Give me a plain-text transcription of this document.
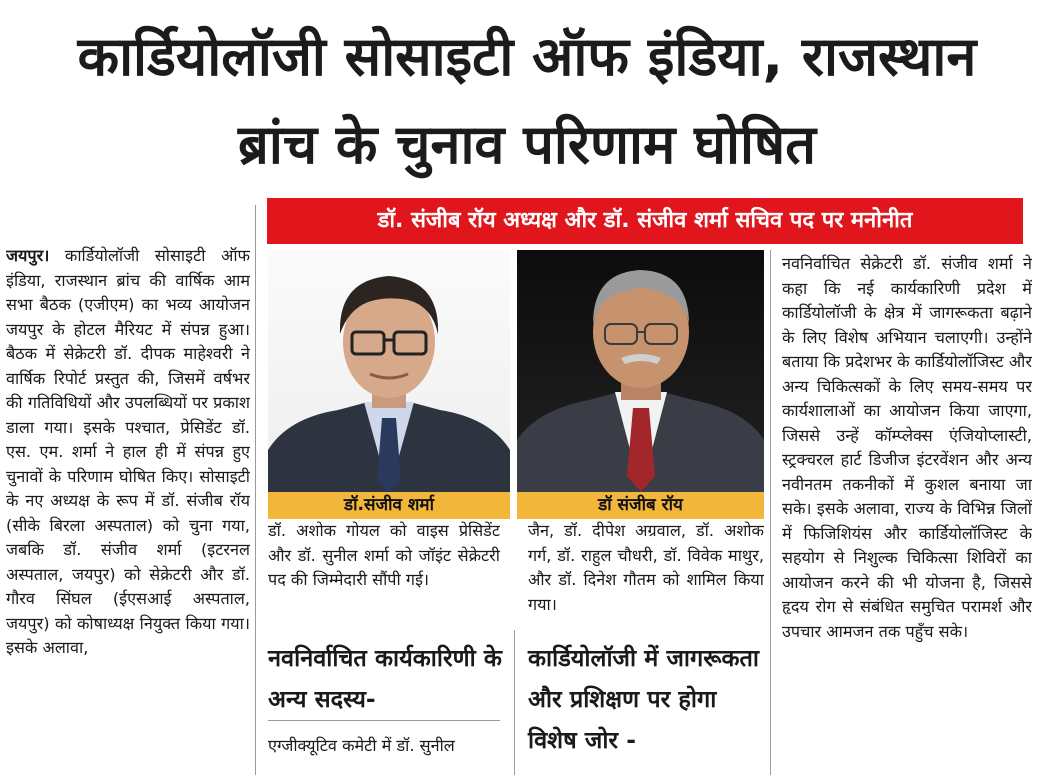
कार्डियोलॉजी सोसाइटी ऑफ इंडिया, राजस्थान
ब्रांच के चुनाव परिणाम घोषित
डॉ. संजीब रॉय अध्यक्ष और डॉ. संजीव शर्मा सचिव पद पर मनोनीत

जयपुर। कार्डियोलॉजी सोसाइटी ऑफ इंडिया, राजस्थान ब्रांच की वार्षिक आम सभा बैठक (एजीएम) का भव्य आयोजन जयपुर के होटल मैरियट में संपन्न हुआ। बैठक में सेक्रेटरी डॉ. दीपक माहेश्वरी ने वार्षिक रिपोर्ट प्रस्तुत की, जिसमें वर्षभर की गतिविधियों और उपलब्धियों पर प्रकाश डाला गया। इसके पश्चात, प्रेसिडेंट डॉ. एस. एम. शर्मा ने हाल ही में संपन्न हुए चुनावों के परिणाम घोषित किए। सोसाइटी के नए अध्यक्ष के रूप में डॉ. संजीब रॉय (सीके बिरला अस्पताल) को चुना गया, जबकि डॉ. संजीव शर्मा (इटरनल अस्पताल, जयपुर) को सेक्रेटरी और डॉ. गौरव सिंघल (ईएसआई अस्पताल, जयपुर) को कोषाध्यक्ष नियुक्त किया गया। इसके अलावा,

डॉ.संजीव शर्मा	डॉ संजीब रॉय

डॉ. अशोक गोयल को वाइस प्रेसिडेंट और डॉ. सुनील शर्मा को जॉइंट सेक्रेटरी पद की जिम्मेदारी सौंपी गई।

नवनिर्वाचित कार्यकारिणी के अन्य सदस्य-

एग्जीक्यूटिव कमेटी में डॉ. सुनील

जैन, डॉ. दीपेश अग्रवाल, डॉ. अशोक गर्ग, डॉ. राहुल चौधरी, डॉ. विवेक माथुर, और डॉ. दिनेश गौतम को शामिल किया गया।

कार्डियोलॉजी में जागरूकता और प्रशिक्षण पर होगा विशेष जोर -

नवनिर्वाचित सेक्रेटरी डॉ. संजीव शर्मा ने कहा कि नई कार्यकारिणी प्रदेश में कार्डियोलॉजी के क्षेत्र में जागरूकता बढ़ाने के लिए विशेष अभियान चलाएगी। उन्होंने बताया कि प्रदेशभर के कार्डियोलॉजिस्ट और अन्य चिकित्सकों के लिए समय-समय पर कार्यशालाओं का आयोजन किया जाएगा, जिससे उन्हें कॉम्प्लेक्स एंजियोप्लास्टी, स्ट्रक्चरल हार्ट डिजीज इंटरवेंशन और अन्य नवीनतम तकनीकों में कुशल बनाया जा सके। इसके अलावा, राज्य के विभिन्न जिलों में फिजिशियंस और कार्डियोलॉजिस्ट के सहयोग से निशुल्क चिकित्सा शिविरों का आयोजन करने की भी योजना है, जिससे हृदय रोग से संबंधित समुचित परामर्श और उपचार आमजन तक पहुँच सके।
